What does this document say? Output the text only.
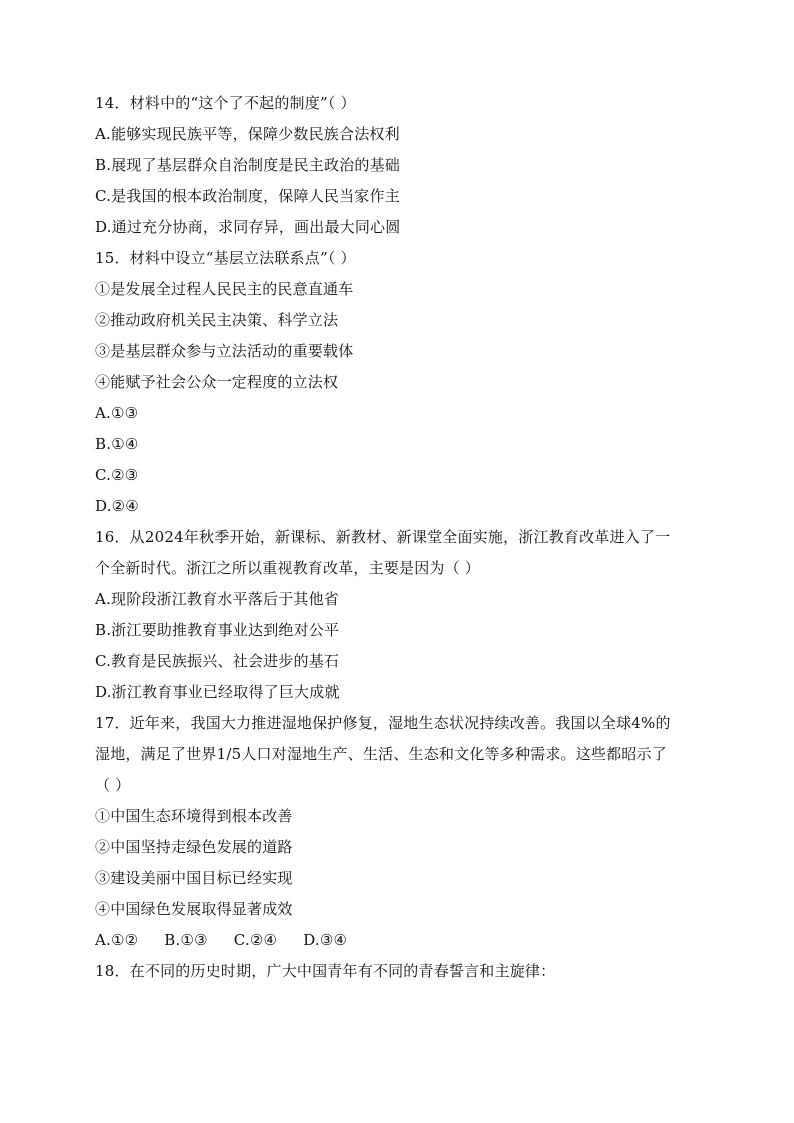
14．材料中的“这个了不起的制度”（ ）
A.能够实现民族平等，保障少数民族合法权利
B.展现了基层群众自治制度是民主政治的基础
C.是我国的根本政治制度，保障人民当家作主
D.通过充分协商，求同存异，画出最大同心圆
15．材料中设立“基层立法联系点”（ ）
①是发展全过程人民民主的民意直通车
②推动政府机关民主决策、科学立法
③是基层群众参与立法活动的重要载体
④能赋予社会公众一定程度的立法权
A.①③
B.①④
C.②③
D.②④
16．从2024年秋季开始，新课标、新教材、新课堂全面实施，浙江教育改革进入了一
个全新时代。浙江之所以重视教育改革，主要是因为（ ）
A.现阶段浙江教育水平落后于其他省
B.浙江要助推教育事业达到绝对公平
C.教育是民族振兴、社会进步的基石
D.浙江教育事业已经取得了巨大成就
17．近年来，我国大力推进湿地保护修复，湿地生态状况持续改善。我国以全球4%的
湿地，满足了世界1/5人口对湿地生产、生活、生态和文化等多种需求。这些都昭示了
（ ）
①中国生态环境得到根本改善
②中国坚持走绿色发展的道路
③建设美丽中国目标已经实现
④中国绿色发展取得显著成效
A.①② B.①③ C.②④ D.③④
18．在不同的历史时期，广大中国青年有不同的青春誓言和主旋律：
